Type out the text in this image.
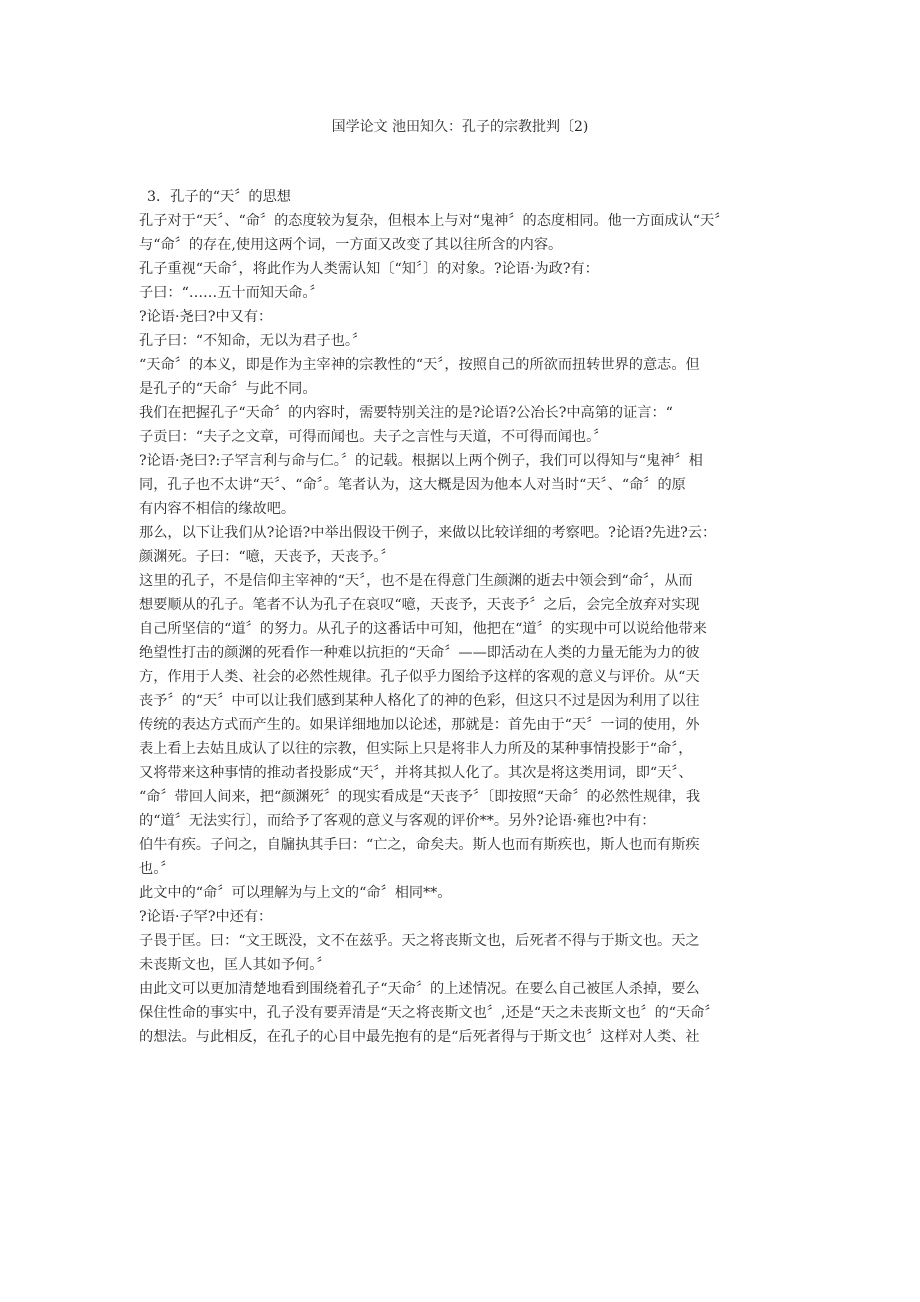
国学论文 池田知久：孔子的宗教批判〔2)
3．孔子的“天〞的思想
孔子对于“天〞、“命〞的态度较为复杂，但根本上与对“鬼神〞的态度相同。他一方面成认“天〞
与“命〞的存在,使用这两个词，一方面又改变了其以往所含的内容。
孔子重视“天命〞，将此作为人类需认知〔“知〞〕的对象。?论语·为政?有：
子曰：“……五十而知天命。〞
?论语·尧曰?中又有：
孔子曰：“不知命，无以为君子也。〞
“天命〞的本义，即是作为主宰神的宗教性的“天〞，按照自己的所欲而扭转世界的意志。但
是孔子的“天命〞与此不同。
我们在把握孔子“天命〞的内容时，需要特别关注的是?论语?公冶长?中高第的证言：“
子贡曰：“夫子之文章，可得而闻也。夫子之言性与天道，不可得而闻也。〞
?论语·尧曰?:子罕言利与命与仁。〞的记载。根据以上两个例子，我们可以得知与“鬼神〞相
同，孔子也不太讲“天〞、“命〞。笔者认为，这大概是因为他本人对当时“天〞、“命〞的原
有内容不相信的缘故吧。
那么，以下让我们从?论语?中举出假设干例子，来做以比较详细的考察吧。?论语?先进?云：
颜渊死。子曰：“噫，天丧予，天丧予。〞
这里的孔子，不是信仰主宰神的“天〞，也不是在得意门生颜渊的逝去中领会到“命〞，从而
想要顺从的孔子。笔者不认为孔子在哀叹“噫，天丧予，天丧予〞之后，会完全放弃对实现
自己所坚信的“道〞的努力。从孔子的这番话中可知，他把在“道〞的实现中可以说给他带来
绝望性打击的颜渊的死看作一种难以抗拒的“天命〞——即活动在人类的力量无能为力的彼
方，作用于人类、社会的必然性规律。孔子似乎力图给予这样的客观的意义与评价。从“天
丧予〞的“天〞中可以让我们感到某种人格化了的神的色彩，但这只不过是因为利用了以往
传统的表达方式而产生的。如果详细地加以论述，那就是：首先由于“天〞一词的使用，外
表上看上去姑且成认了以往的宗教，但实际上只是将非人力所及的某种事情投影于“命〞，
又将带来这种事情的推动者投影成“天〞，并将其拟人化了。其次是将这类用词，即“天〞、
“命〞带回人间来，把“颜渊死〞的现实看成是“天丧予〞〔即按照“天命〞的必然性规律，我
的“道〞无法实行〕，而给予了客观的意义与客观的评价**。另外?论语·雍也?中有：
伯牛有疾。子问之，自牖执其手曰：“亡之，命矣夫。斯人也而有斯疾也，斯人也而有斯疾
也。〞
此文中的“命〞可以理解为与上文的“命〞相同**。
?论语·子罕?中还有：
子畏于匡。曰：“文王既没，文不在兹乎。天之将丧斯文也，后死者不得与于斯文也。天之
未丧斯文也，匡人其如予何。〞
由此文可以更加清楚地看到围绕着孔子“天命〞的上述情况。在要么自己被匡人杀掉，要么
保住性命的事实中，孔子没有要弄清是“天之将丧斯文也〞,还是“天之未丧斯文也〞的“天命〞
的想法。与此相反，在孔子的心目中最先抱有的是“后死者得与于斯文也〞这样对人类、社
